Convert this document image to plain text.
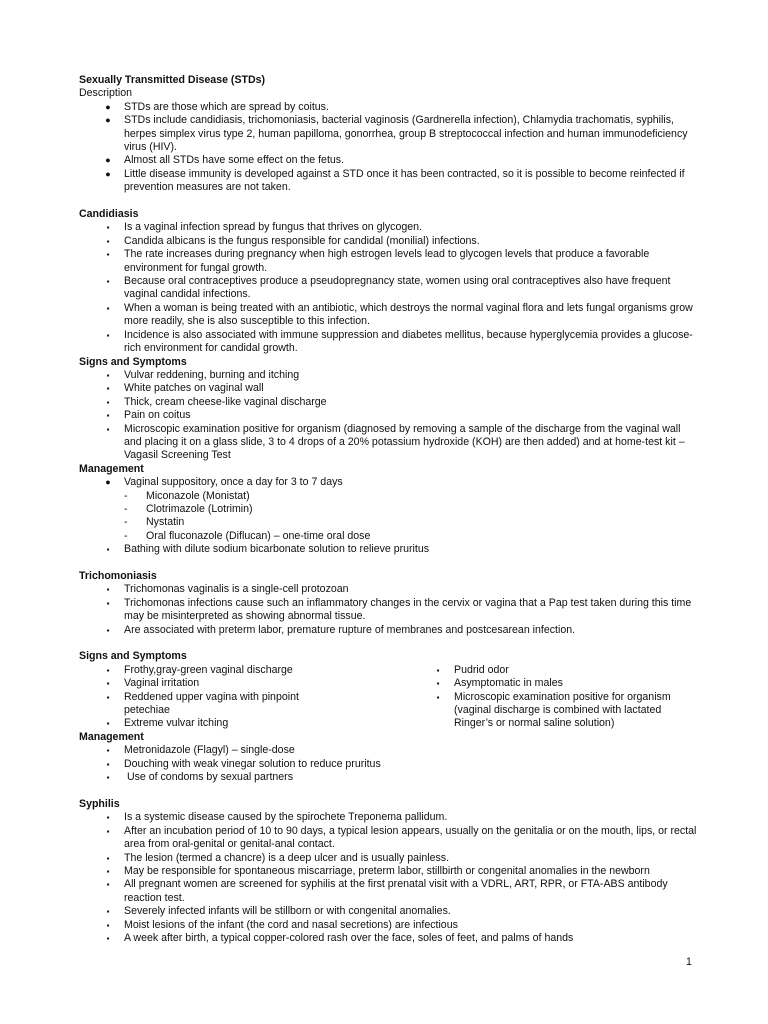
Sexually Transmitted Disease (STDs)
Description
●	STDs are those which are spread by coitus.
●	STDs include candidiasis, trichomoniasis, bacterial vaginosis (Gardnerella infection), Chlamydia trachomatis, syphilis, herpes simplex virus type 2, human papilloma, gonorrhea, group B streptococcal infection and human immunodeficiency virus (HIV).
●	Almost all STDs have some effect on the fetus.
●	Little disease immunity is developed against a STD once it has been contracted, so it is possible to become reinfected if prevention measures are not taken.
Candidiasis
▪	Is a vaginal infection spread by fungus that thrives on glycogen.
▪	Candida albicans is the fungus responsible for candidal (monilial) infections.
▪	The rate increases during pregnancy when high estrogen levels lead to glycogen levels that produce a favorable environment for fungal growth.
▪	Because oral contraceptives produce a pseudopregnancy state, women using oral contraceptives also have frequent vaginal candidal infections.
▪	When a woman is being treated with an antibiotic, which destroys the normal vaginal flora and lets fungal organisms grow more readily, she is also susceptible to this infection.
▪	Incidence is also associated with immune suppression and diabetes mellitus, because hyperglycemia provides a glucose-rich environment for candidal growth.
Signs and Symptoms
▪	Vulvar reddening, burning and itching
▪	White patches on vaginal wall
▪	Thick, cream cheese-like vaginal discharge
▪	Pain on coitus
▪	Microscopic examination positive for organism (diagnosed by removing a sample of the discharge from the vaginal wall and placing it on a glass slide, 3 to 4 drops of a 20% potassium hydroxide (KOH) are then added) and at home-test kit – Vagasil Screening Test
Management
●	Vaginal suppository, once a day for 3 to 7 days
- Miconazole (Monistat)
- Clotrimazole (Lotrimin)
- Nystatin
- Oral fluconazole (Diflucan) – one-time oral dose
▪	Bathing with dilute sodium bicarbonate solution to relieve pruritus
Trichomoniasis
▪	Trichomonas vaginalis is a single-cell protozoan
▪	Trichomonas infections cause such an inflammatory changes in the cervix or vagina that a Pap test taken during this time may be misinterpreted as showing abnormal tissue.
▪	Are associated with preterm labor, premature rupture of membranes and postcesarean infection.
Signs and Symptoms
▪	Frothy,gray-green vaginal discharge
▪	Vaginal irritation
▪	Reddened upper vagina with pinpoint petechiae
▪	Extreme vulvar itching
▪	Pudrid odor
▪	Asymptomatic in males
▪	Microscopic examination positive for organism (vaginal discharge is combined with lactated Ringer’s or normal saline solution)
Management
▪	Metronidazole (Flagyl) – single-dose
▪	Douching with weak vinegar solution to reduce pruritus
▪	Use of condoms by sexual partners
Syphilis
▪	Is a systemic disease caused by the spirochete Treponema pallidum.
▪	After an incubation period of 10 to 90 days, a typical lesion appears, usually on the genitalia or on the mouth, lips, or rectal area from oral-genital or genital-anal contact.
▪	The lesion (termed a chancre) is a deep ulcer and is usually painless.
▪	May be responsible for spontaneous miscarriage, preterm labor, stillbirth or congenital anomalies in the newborn
▪	All pregnant women are screened for syphilis at the first prenatal visit with a VDRL, ART, RPR, or FTA-ABS antibody reaction test.
▪	Severely infected infants will be stillborn or with congenital anomalies.
▪	Moist lesions of the infant (the cord and nasal secretions) are infectious
▪	A week after birth, a typical copper-colored rash over the face, soles of feet, and palms of hands
1
